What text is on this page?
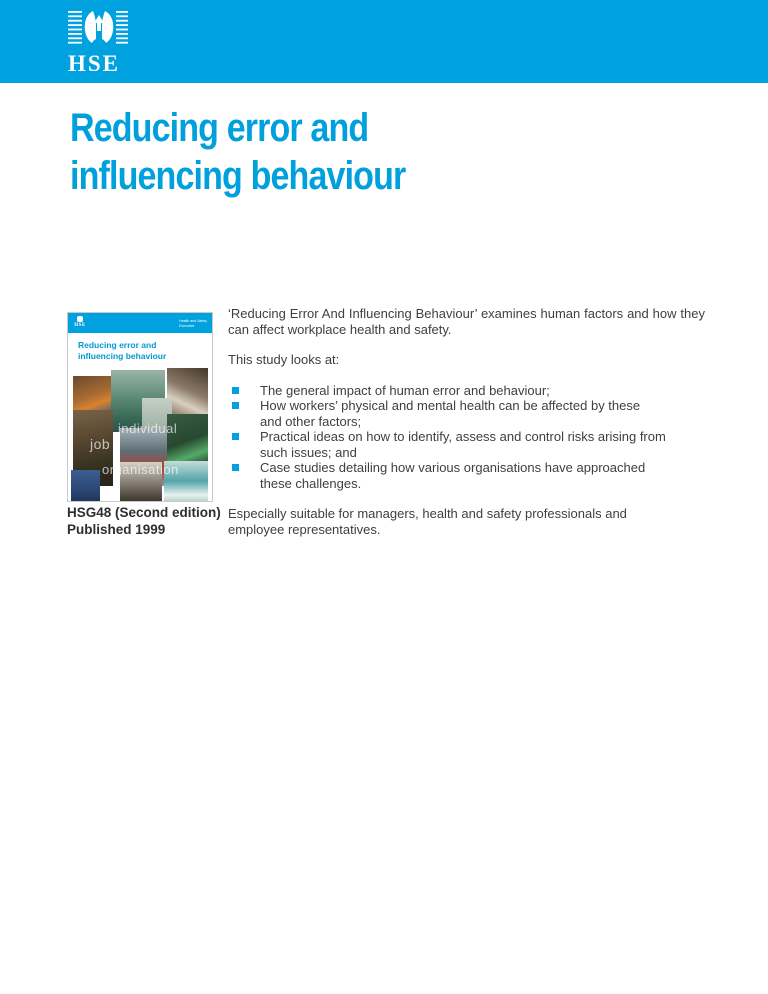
HSE
Reducing error and
influencing behaviour
HSE
Health and Safety
Executive
Reducing error and
influencing behaviour
individual
job
organisation
HSG48 (Second edition)
Published 1999

‘Reducing Error And Influencing Behaviour’ examines human factors and how they can affect workplace health and safety.

This study looks at:

The general impact of human error and behaviour;
How workers’ physical and mental health can be affected by these
and other factors;
Practical ideas on how to identify, assess and control risks arising from
such issues; and
Case studies detailing how various organisations have approached
these challenges.

Especially suitable for managers, health and safety professionals and
employee representatives.
